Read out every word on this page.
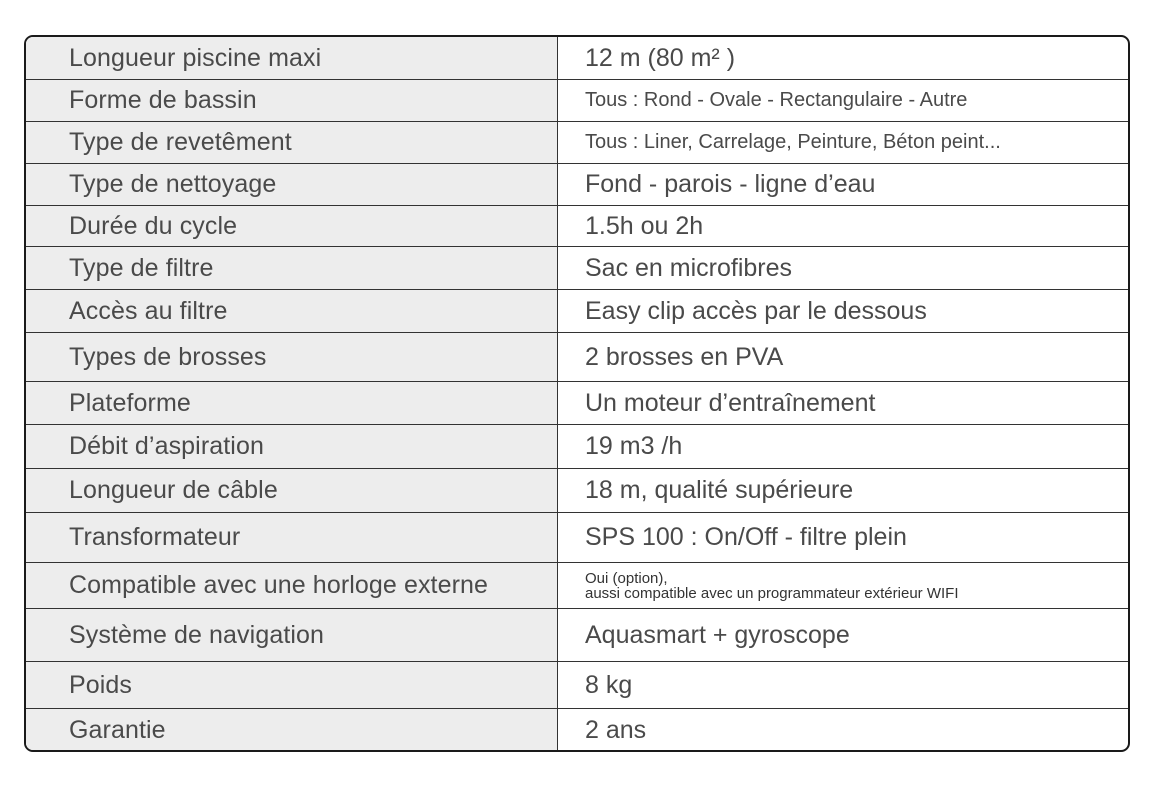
Longueur piscine maxi	12 m (80 m² )
Forme de bassin	Tous : Rond - Ovale - Rectangulaire - Autre
Type de revetêment	Tous : Liner, Carrelage, Peinture, Béton peint...
Type de nettoyage	Fond - parois - ligne d’eau
Durée du cycle	1.5h ou 2h
Type de filtre	Sac en microfibres
Accès au filtre	Easy clip accès par le dessous
Types de brosses	2 brosses en PVA
Plateforme	Un moteur d’entraînement
Débit d’aspiration	19 m3 /h
Longueur de câble	18 m, qualité supérieure
Transformateur	SPS 100 : On/Off - filtre plein
Compatible avec une horloge externe	Oui (option),
aussi compatible avec un programmateur extérieur WIFI
Système de navigation	Aquasmart + gyroscope
Poids	8 kg
Garantie	2 ans
